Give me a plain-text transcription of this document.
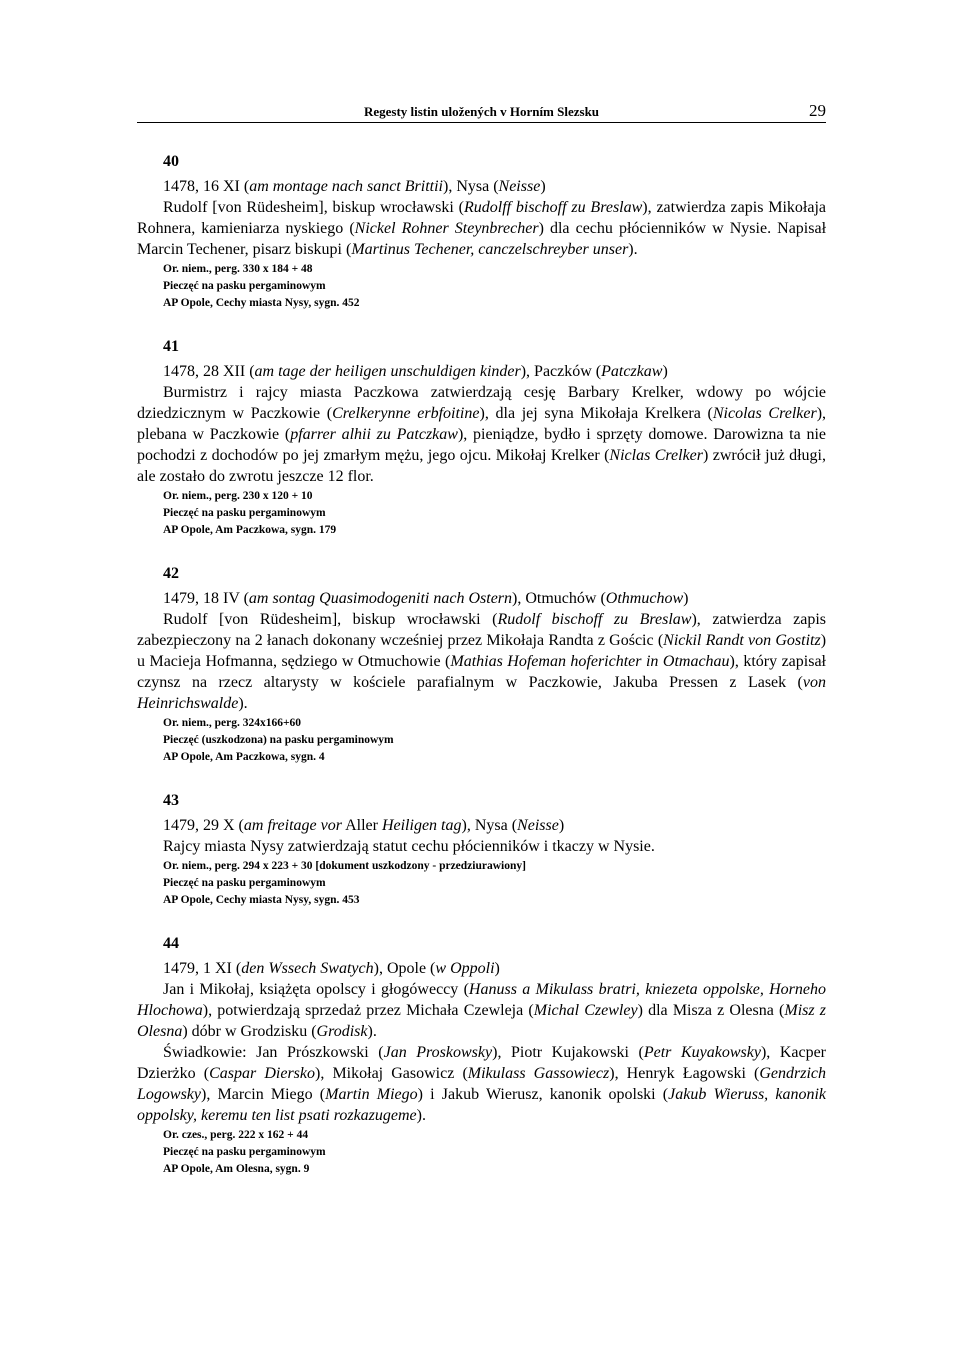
Regesty listin uložených v Horním Slezsku	29
40
1478, 16 XI (am montage nach sanct Brittii), Nysa (Neisse)

Rudolf [von Rüdesheim], biskup wrocławski (Rudolff bischoff zu Breslaw), zatwierdza zapis Mikołaja Rohnera, kamieniarza nyskiego (Nickel Rohner Steynbrecher) dla cechu płócienników w Nysie. Napisał Marcin Techener, pisarz biskupi (Martinus Techener, canczelschreyber unser).

Or. niem., perg. 330 x 184 + 48
Pieczęć na pasku pergaminowym
AP Opole, Cechy miasta Nysy, sygn. 452
41
1478, 28 XII (am tage der heiligen unschuldigen kinder), Paczków (Patczkaw)

Burmistrz i rajcy miasta Paczkowa zatwierdzają cesję Barbary Krelker, wdowy po wójcie dziedzicznym w Paczkowie (Crelkerynne erbfoitine), dla jej syna Mikołaja Krelkera (Nicolas Crelker), plebana w Paczkowie (pfarrer alhii zu Patczkaw), pieniądze, bydło i sprzęty domowe. Darowizna ta nie pochodzi z dochodów po jej zmarłym mężu, jego ojcu. Mikołaj Krelker (Niclas Crelker) zwrócił już długi, ale zostało do zwrotu jeszcze 12 flor.

Or. niem., perg. 230 x 120 + 10
Pieczęć na pasku pergaminowym
AP Opole, Am Paczkowa, sygn. 179
42
1479, 18 IV (am sontag Quasimodogeniti nach Ostern), Otmuchów (Othmuchow)

Rudolf [von Rüdesheim], biskup wrocławski (Rudolf bischoff zu Breslaw), zatwierdza zapis zabezpieczony na 2 łanach dokonany wcześniej przez Mikołaja Randta z Gościc (Nickil Randt von Gostitz) u Macieja Hofmanna, sędziego w Otmuchowie (Mathias Hofeman hoferichter in Otmachau), który zapisał czynsz na rzecz altarysty w kościele parafialnym w Paczkowie, Jakuba Pressen z Lasek (von Heinrichswalde).

Or. niem., perg. 324x166+60
Pieczęć (uszkodzona) na pasku pergaminowym
AP Opole, Am Paczkowa, sygn. 4
43
1479, 29 X (am freitage vor Aller Heiligen tag), Nysa (Neisse)

Rajcy miasta Nysy zatwierdzają statut cechu płócienników i tkaczy w Nysie.

Or. niem., perg. 294 x 223 + 30 [dokument uszkodzony - przedziurawiony]
Pieczęć na pasku pergaminowym
AP Opole, Cechy miasta Nysy, sygn. 453
44
1479, 1 XI (den Wssech Swatych), Opole (w Oppoli)

Jan i Mikołaj, książęta opolscy i głogóweccy (Hanuss a Mikulass bratri, kniezeta oppolske, Horneho Hlochowa), potwierdzają sprzedaż przez Michała Czewleja (Michal Czewley) dla Misza z Olesna (Misz z Olesna) dóbr w Grodzisku (Grodisk).

Świadkowie: Jan Prószkowski (Jan Proskowsky), Piotr Kujakowski (Petr Kuyakowsky), Kacper Dzierżko (Caspar Diersko), Mikołaj Gasowicz (Mikulass Gassowiecz), Henryk Łagowski (Gendrzich Logowsky), Marcin Miego (Martin Miego) i Jakub Wierusz, kanonik opolski (Jakub Wieruss, kanonik oppolsky, keremu ten list psati rozkazugeme).

Or. czes., perg. 222 x 162 + 44
Pieczęć na pasku pergaminowym
AP Opole, Am Olesna, sygn. 9
